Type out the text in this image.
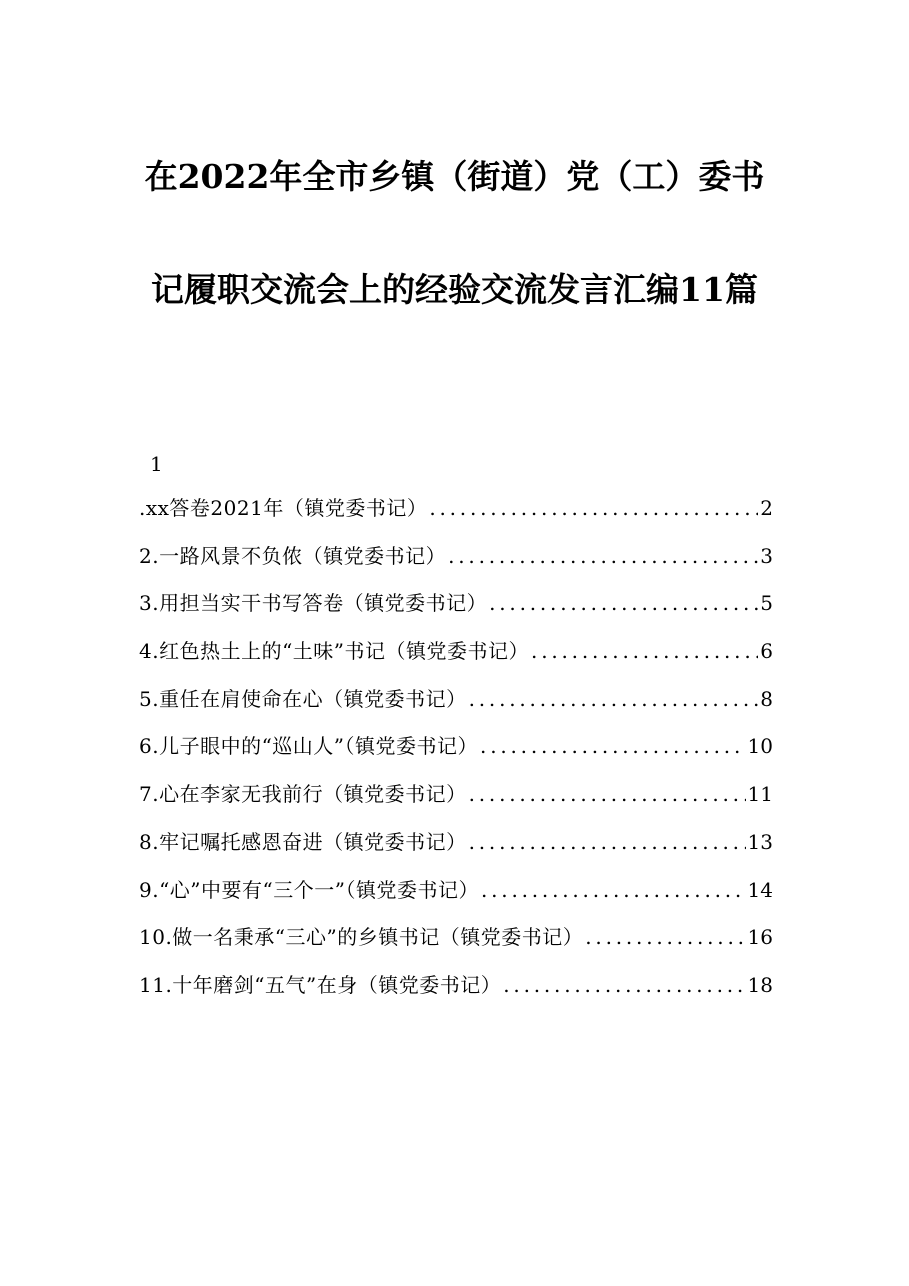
在2022年全市乡镇（街道）党（工）委书
记履职交流会上的经验交流发言汇编11篇
1
.xx答卷2021年（镇党委书记） .....	2
2.一路风景不负侬（镇党委书记） .....	3
3.用担当实干书写答卷（镇党委书记） .....	5
4.红色热土上的“土味”书记（镇党委书记） .....	6
5.重任在肩使命在心（镇党委书记） .....	8
6.儿子眼中的“巡山人”（镇党委书记） .....	10
7.心在李家无我前行（镇党委书记） .....	11
8.牢记嘱托感恩奋进（镇党委书记） .....	13
9.“心”中要有“三个一”（镇党委书记） .....	14
10.做一名秉承“三心”的乡镇书记（镇党委书记） .....	16
11.十年磨剑“五气”在身（镇党委书记） .....	18
